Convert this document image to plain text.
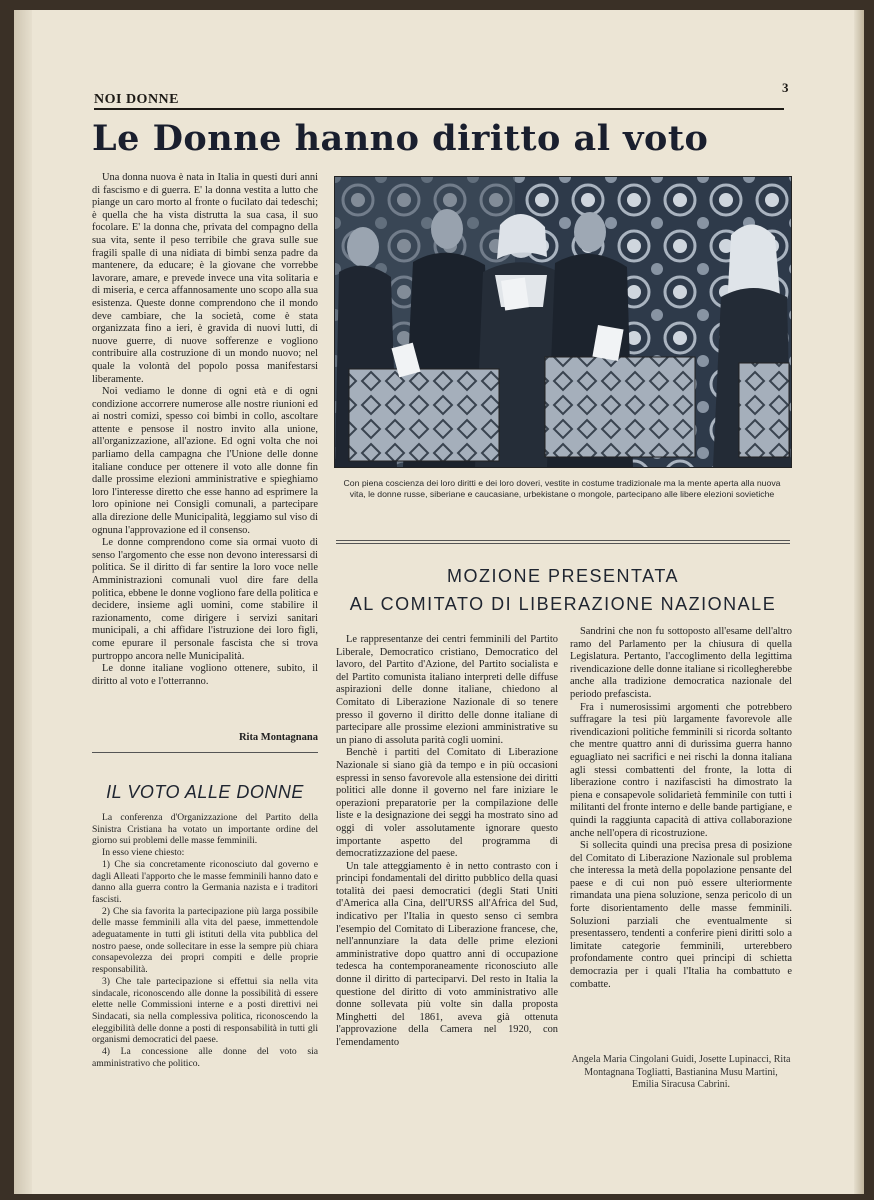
NOI DONNE
3
Le Donne hanno diritto al voto

Una donna nuova è nata in Italia in questi duri anni di fascismo e di guerra. E' la donna vestita a lutto che piange un caro morto al fronte o fucilato dai tedeschi; è quella che ha vista distrutta la sua casa, il suo focolare. E' la donna che, privata del compagno della sua vita, sente il peso terribile che grava sulle sue fragili spalle di una nidiata di bimbi senza padre da mantenere, da educare; è la giovane che vorrebbe lavorare, amare, e prevede invece una vita solitaria e di miseria, e cerca affannosamente uno scopo alla sua esistenza. Queste donne comprendono che il mondo deve cambiare, che la società, come è stata organizzata fino a ieri, è gravida di nuovi lutti, di nuove guerre, di nuove sofferenze e vogliono contribuire alla costruzione di un mondo nuovo; nel quale la volontà del popolo possa manifestarsi liberamente.

Noi vediamo le donne di ogni età e di ogni condizione accorrere numerose alle nostre riunioni ed ai nostri comizi, spesso coi bimbi in collo, ascoltare attente e pensose il nostro invito alla unione, all'organizzazione, all'azione. Ed ogni volta che noi parliamo della campagna che l'Unione delle donne italiane conduce per ottenere il voto alle donne fin dalle prossime elezioni amministrative e spieghiamo loro l'interesse diretto che esse hanno ad esprimere la loro opinione nei Consigli comunali, a partecipare alla direzione delle Municipalità, leggiamo sul viso di ognuna l'approvazione ed il consenso.

Le donne comprendono come sia ormai vuoto di senso l'argomento che esse non devono interessarsi di politica. Se il diritto di far sentire la loro voce nelle Amministrazioni comunali vuol dire fare della politica, ebbene le donne vogliono fare della politica e decidere, insieme agli uomini, come stabilire il razionamento, come dirigere i servizi sanitari municipali, a chi affidare l'istruzione dei loro figli, come epurare il personale fascista che si trova purtroppo ancora nelle Municipalità.

Le donne italiane vogliono ottenere, subito, il diritto al voto e l'otterranno.

Rita Montagnana
Con piena coscienza dei loro diritti e dei loro doveri, vestite in costume tradizionale ma la mente aperta alla nuova vita, le donne russe, siberiane e caucasiane, urbekistane o mongole, partecipano alle libere elezioni sovietiche
MOZIONE PRESENTATA
AL COMITATO DI LIBERAZIONE NAZIONALE

Le rappresentanze dei centri femminili del Partito Liberale, Democratico cristiano, Democratico del lavoro, del Partito d'Azione, del Partito socialista e del Partito comunista italiano interpreti delle diffuse aspirazioni delle donne italiane, chiedono al Comitato di Liberazione Nazionale di so tenere presso il governo il diritto delle donne italiane di partecipare alle prossime elezioni amministrative su un piano di assoluta parità cogli uomini.

Benchè i partiti del Comitato di Liberazione Nazionale si siano già da tempo e in più occasioni espressi in senso favorevole alla estensione dei diritti politici alle donne il governo nel fare iniziare le operazioni preparatorie per la compilazione delle liste e la designazione dei seggi ha mostrato sino ad oggi di voler assolutamente ignorare questo importante aspetto del programma di democratizzazione del paese.

Un tale atteggiamento è in netto contrasto con i principi fondamentali del diritto pubblico della quasi totalità dei paesi democratici (degli Stati Uniti d'America alla Cina, dell'URSS all'Africa del Sud, indicativo per l'Italia in questo senso ci sembra l'esempio del Comitato di Liberazione francese, che, nell'annunziare la data delle prime elezioni amministrative dopo quattro anni di occupazione tedesca ha contemporaneamente riconosciuto alle donne il diritto di parteciparvi. Del resto in Italia la questione del diritto di voto amministrativo alle donne sollevata più volte sin dalla proposta Minghetti del 1861, aveva già ottenuta l'approvazione della Camera nel 1920, con l'emendamento

Sandrini che non fu sottoposto all'esame dell'altro ramo del Parlamento per la chiusura di quella Legislatura. Pertanto, l'accoglimento della legittima rivendicazione delle donne italiane si ricollegherebbe anche alla tradizione democratica nazionale del periodo prefascista.

Fra i numerosissimi argomenti che potrebbero suffragare la tesi più largamente favorevole alle rivendicazioni politiche femminili si ricorda soltanto che mentre quattro anni di durissima guerra hanno eguagliato nei sacrifici e nei rischi la donna italiana agli stessi combattenti del fronte, la lotta di liberazione contro i nazifascisti ha dimostrato la piena e consapevole solidarietà femminile con tutti i militanti del fronte interno e delle bande partigiane, e quindi la raggiunta capacità di attiva collaborazione anche nell'opera di ricostruzione.

Si sollecita quindi una precisa presa di posizione del Comitato di Liberazione Nazionale sul problema che interessa la metà della popolazione pensante del paese e di cui non può essere ulteriormente rimandata una piena soluzione, senza pericolo di un forte disorientamento delle masse femminili. Soluzioni parziali che eventualmente si presentassero, tendenti a conferire pieni diritti solo a limitate categorie femminili, urterebbero profondamente contro quei principi di schietta democrazia per i quali l'Italia ha combattuto e combatte.

Angela Maria Cingolani Guidi, Josette Lupinacci, Rita Montagnana Togliatti, Bastianina Musu Martini, Emilia Siracusa Cabrini.
IL VOTO ALLE DONNE

La conferenza d'Organizzazione del Partito della Sinistra Cristiana ha votato un importante ordine del giorno sui problemi delle masse femminili.

In esso viene chiesto:

1) Che sia concretamente riconosciuto dal governo e dagli Alleati l'apporto che le masse femminili hanno dato e danno alla guerra contro la Germania nazista e i traditori fascisti.

2) Che sia favorita la partecipazione più larga possibile delle masse femminili alla vita del paese, immettendole adeguatamente in tutti gli istituti della vita pubblica del nostro paese, onde sollecitare in esse la sempre più chiara consapevolezza dei propri compiti e delle proprie responsabilità.

3) Che tale partecipazione si effettui sia nella vita sindacale, riconoscendo alle donne la possibilità di essere elette nelle Commissioni interne e a posti direttivi nei Sindacati, sia nella complessiva politica, riconoscendo la eleggibilità delle donne a posti di responsabilità in tutti gli organismi democratici del paese.

4) La concessione alle donne del voto sia amministrativo che politico.
